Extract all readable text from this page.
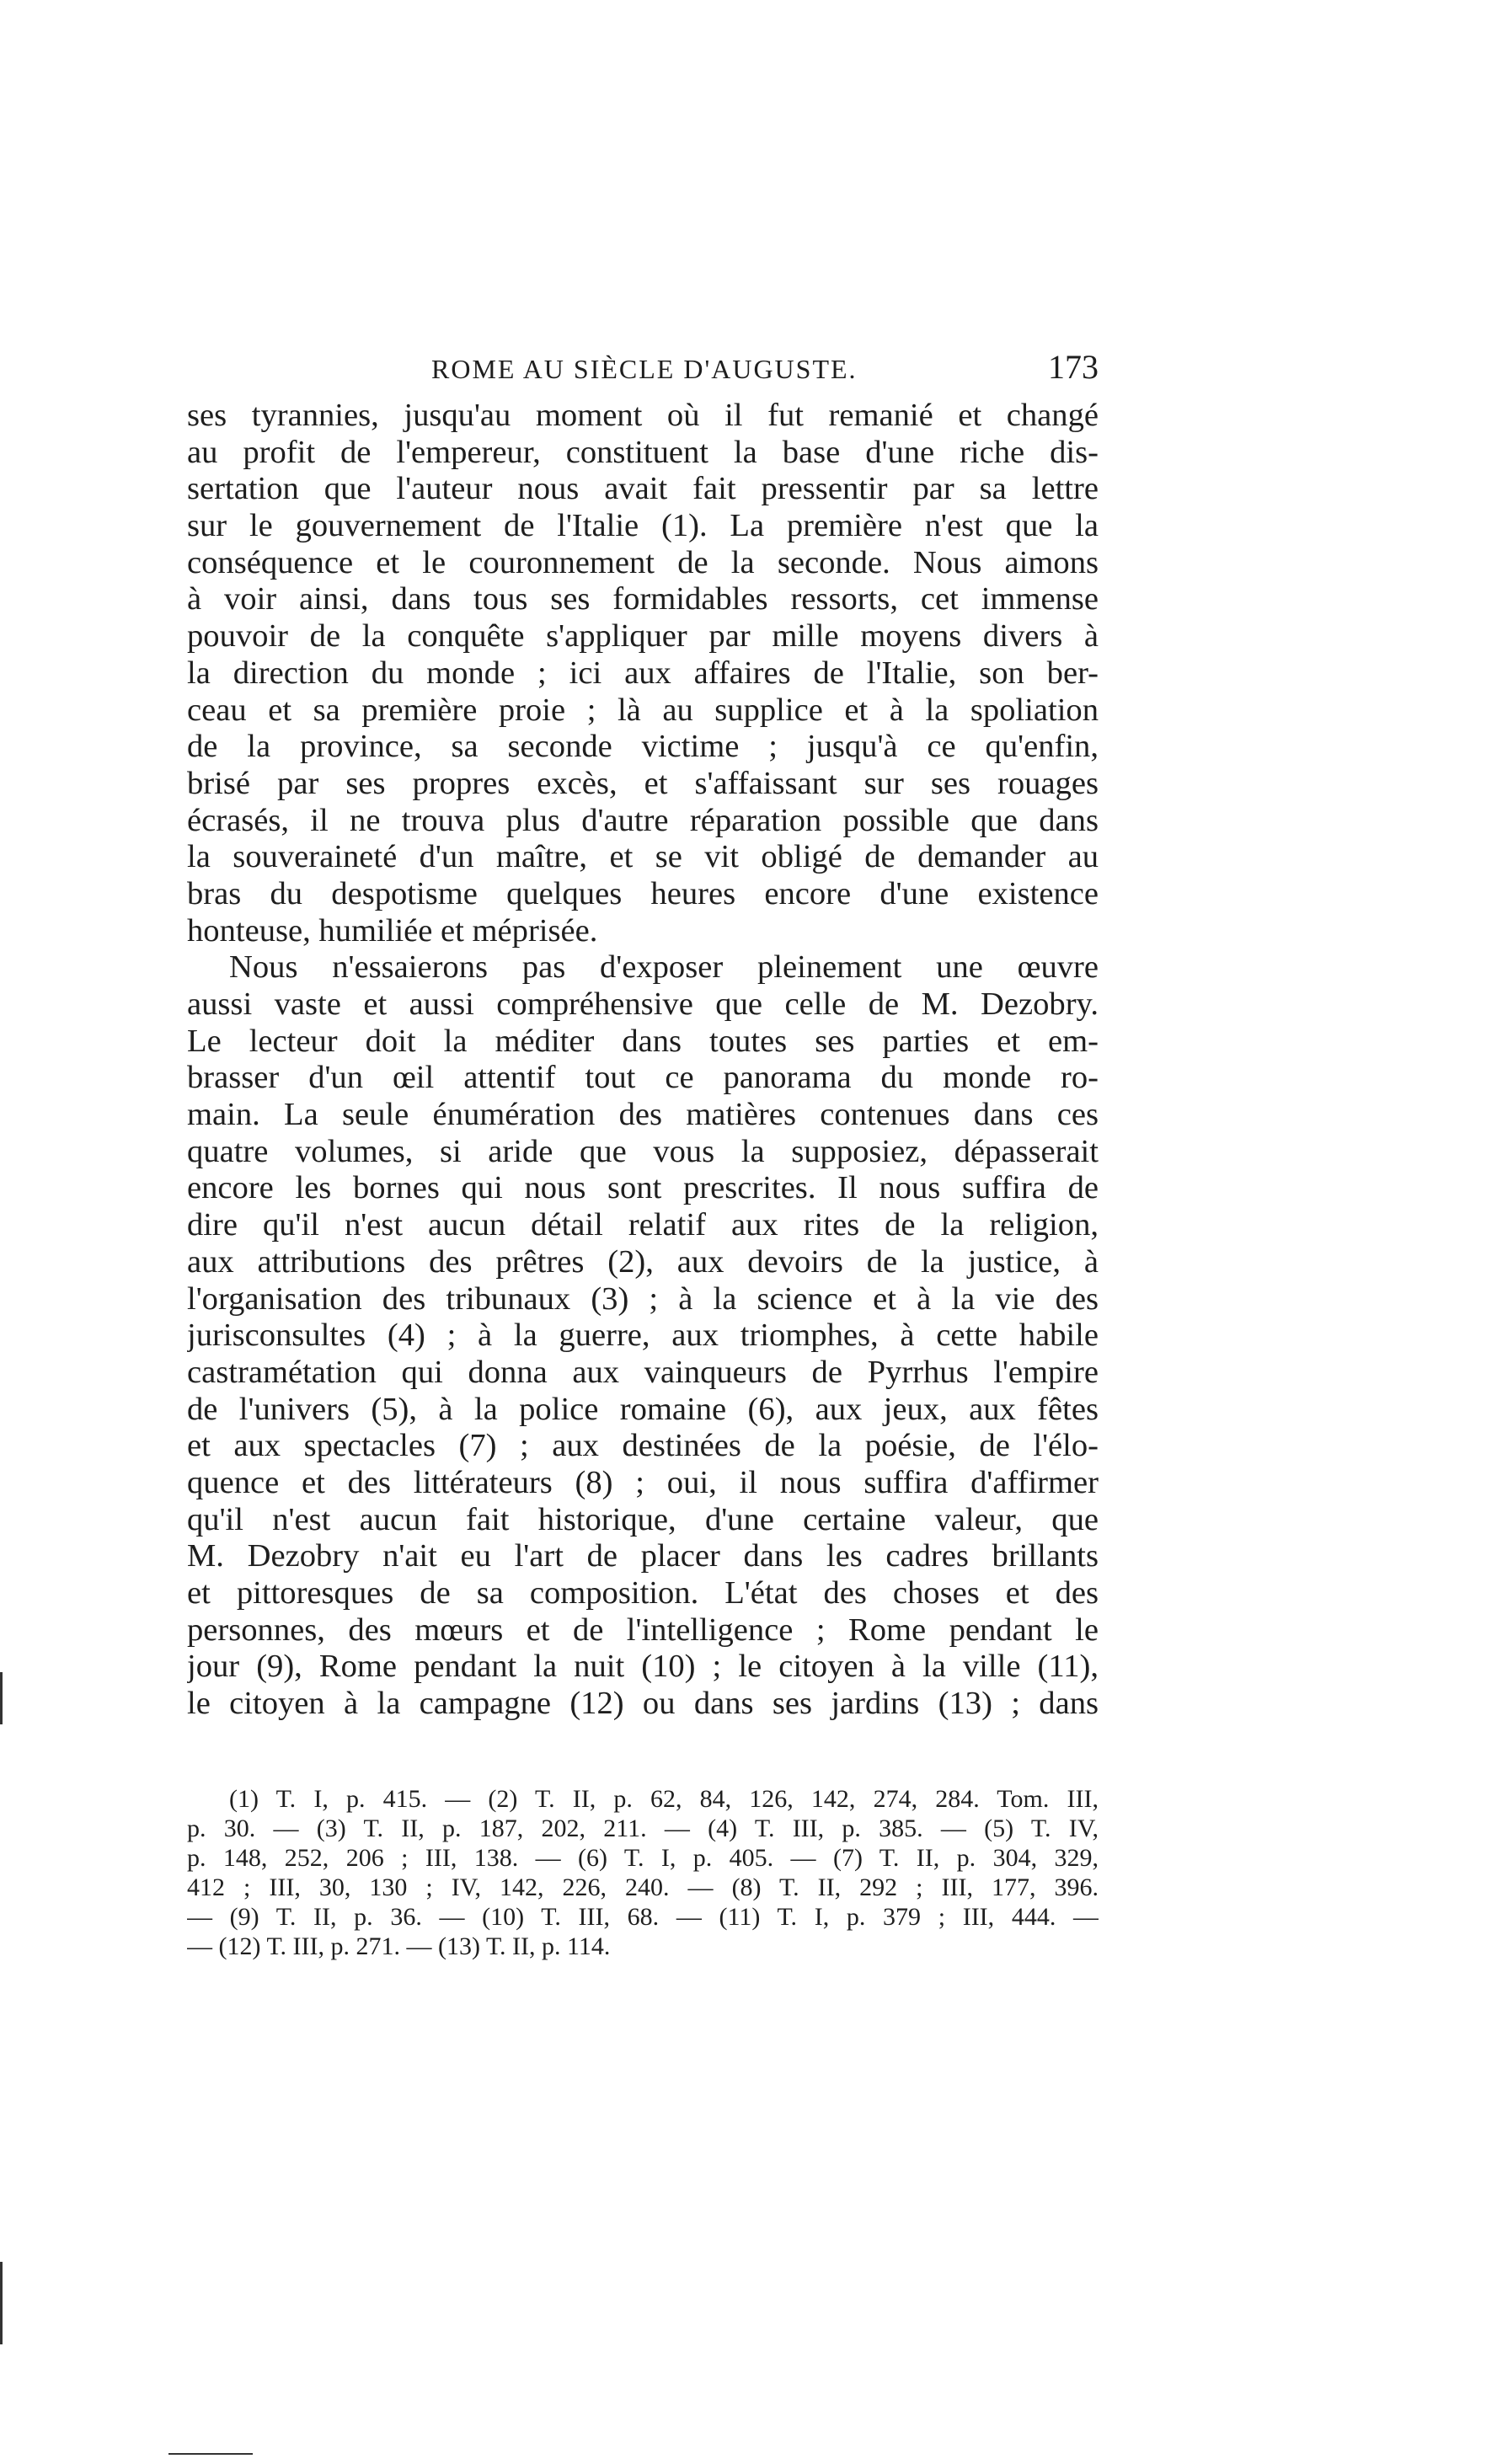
ROME AU SIÈCLE D'AUGUSTE.	173
ses tyrannies, jusqu'au moment où il fut remanié et changé
au profit de l'empereur, constituent la base d'une riche dis-
sertation que l'auteur nous avait fait pressentir par sa lettre
sur le gouvernement de l'Italie (1). La première n'est que la
conséquence et le couronnement de la seconde. Nous aimons
à voir ainsi, dans tous ses formidables ressorts, cet immense
pouvoir de la conquête s'appliquer par mille moyens divers à
la direction du monde ; ici aux affaires de l'Italie, son ber-
ceau et sa première proie ; là au supplice et à la spoliation
de la province, sa seconde victime ; jusqu'à ce qu'enfin,
brisé par ses propres excès, et s'affaissant sur ses rouages
écrasés, il ne trouva plus d'autre réparation possible que dans
la souveraineté d'un maître, et se vit obligé de demander au
bras du despotisme quelques heures encore d'une existence
honteuse, humiliée et méprisée.
Nous n'essaierons pas d'exposer pleinement une œuvre
aussi vaste et aussi compréhensive que celle de M. Dezobry.
Le lecteur doit la méditer dans toutes ses parties et em-
brasser d'un œil attentif tout ce panorama du monde ro-
main. La seule énumération des matières contenues dans ces
quatre volumes, si aride que vous la supposiez, dépasserait
encore les bornes qui nous sont prescrites. Il nous suffira de
dire qu'il n'est aucun détail relatif aux rites de la religion,
aux attributions des prêtres (2), aux devoirs de la justice, à
l'organisation des tribunaux (3) ; à la science et à la vie des
jurisconsultes (4) ; à la guerre, aux triomphes, à cette habile
castramétation qui donna aux vainqueurs de Pyrrhus l'empire
de l'univers (5), à la police romaine (6), aux jeux, aux fêtes
et aux spectacles (7) ; aux destinées de la poésie, de l'élo-
quence et des littérateurs (8) ; oui, il nous suffira d'affirmer
qu'il n'est aucun fait historique, d'une certaine valeur, que
M. Dezobry n'ait eu l'art de placer dans les cadres brillants
et pittoresques de sa composition. L'état des choses et des
personnes, des mœurs et de l'intelligence ; Rome pendant le
jour (9), Rome pendant la nuit (10) ; le citoyen à la ville (11),
le citoyen à la campagne (12) ou dans ses jardins (13) ; dans
(1) T. I, p. 415. — (2) T. II, p. 62, 84, 126, 142, 274, 284. Tom. III,
p. 30. — (3) T. II, p. 187, 202, 211. — (4) T. III, p. 385. — (5) T. IV,
p. 148, 252, 206 ; III, 138. — (6) T. I, p. 405. — (7) T. II, p. 304, 329,
412 ; III, 30, 130 ; IV, 142, 226, 240. — (8) T. II, 292 ; III, 177, 396.
— (9) T. II, p. 36. — (10) T. III, 68. — (11) T. I, p. 379 ; III, 444. —
— (12) T. III, p. 271. — (13) T. II, p. 114.
